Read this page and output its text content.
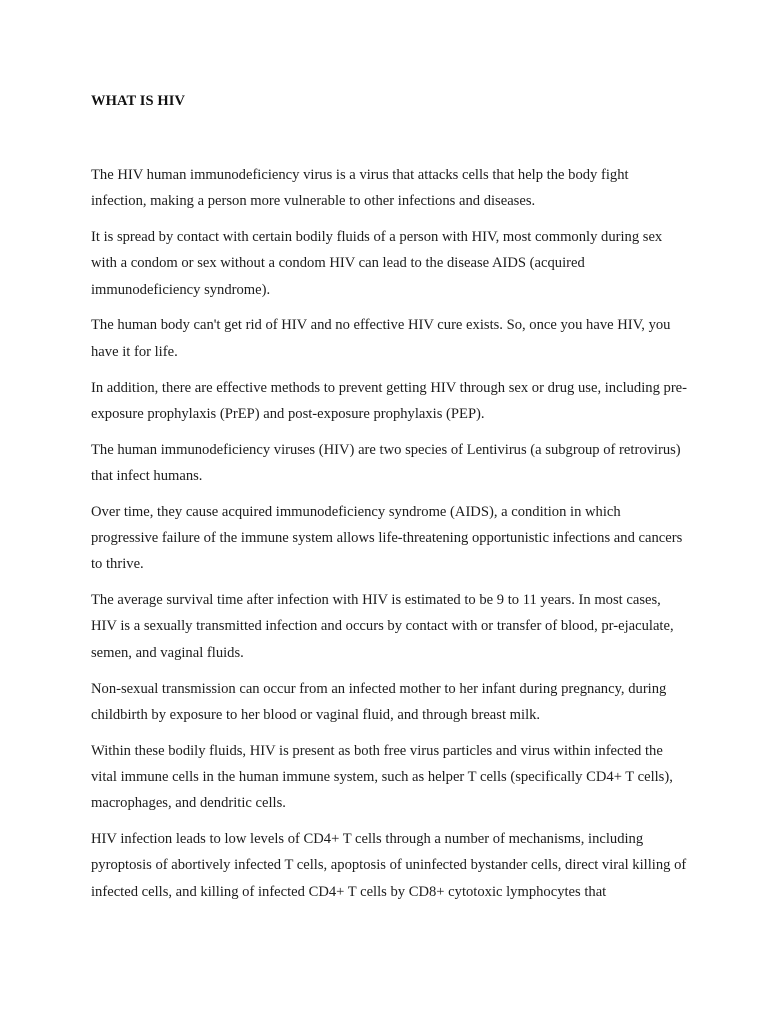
WHAT IS HIV

The HIV human immunodeficiency virus is a virus that attacks cells that help the body fight infection, making a person more vulnerable to other infections and diseases.

It is spread by contact with certain bodily fluids of a person with HIV, most commonly during sex with a condom or sex without a condom HIV can lead to the disease AIDS (acquired immunodeficiency syndrome).

The human body can't get rid of HIV and no effective HIV cure exists. So, once you have HIV, you have it for life.

In addition, there are effective methods to prevent getting HIV through sex or drug use, including pre- exposure prophylaxis (PrEP) and post-exposure prophylaxis (PEP).

The human immunodeficiency viruses (HIV) are two species of Lentivirus (a subgroup of retrovirus) that infect humans.

Over time, they cause acquired immunodeficiency syndrome (AIDS), a condition in which progressive failure of the immune system allows life-threatening opportunistic infections and cancers to thrive.

The average survival time after infection with HIV is estimated to be 9 to 11 years. In most cases, HIV is a sexually transmitted infection and occurs by contact with or transfer of blood, pr-ejaculate, semen, and vaginal fluids.

Non-sexual transmission can occur from an infected mother to her infant during pregnancy, during childbirth by exposure to her blood or vaginal fluid, and through breast milk.

Within these bodily fluids, HIV is present as both free virus particles and virus within infected the vital immune cells in the human immune system, such as helper T cells (specifically CD4+ T cells), macrophages, and dendritic cells.

HIV infection leads to low levels of CD4+ T cells through a number of mechanisms, including pyroptosis of abortively infected T cells, apoptosis of uninfected bystander cells, direct viral killing of infected cells, and killing of infected CD4+ T cells by CD8+ cytotoxic lymphocytes that
